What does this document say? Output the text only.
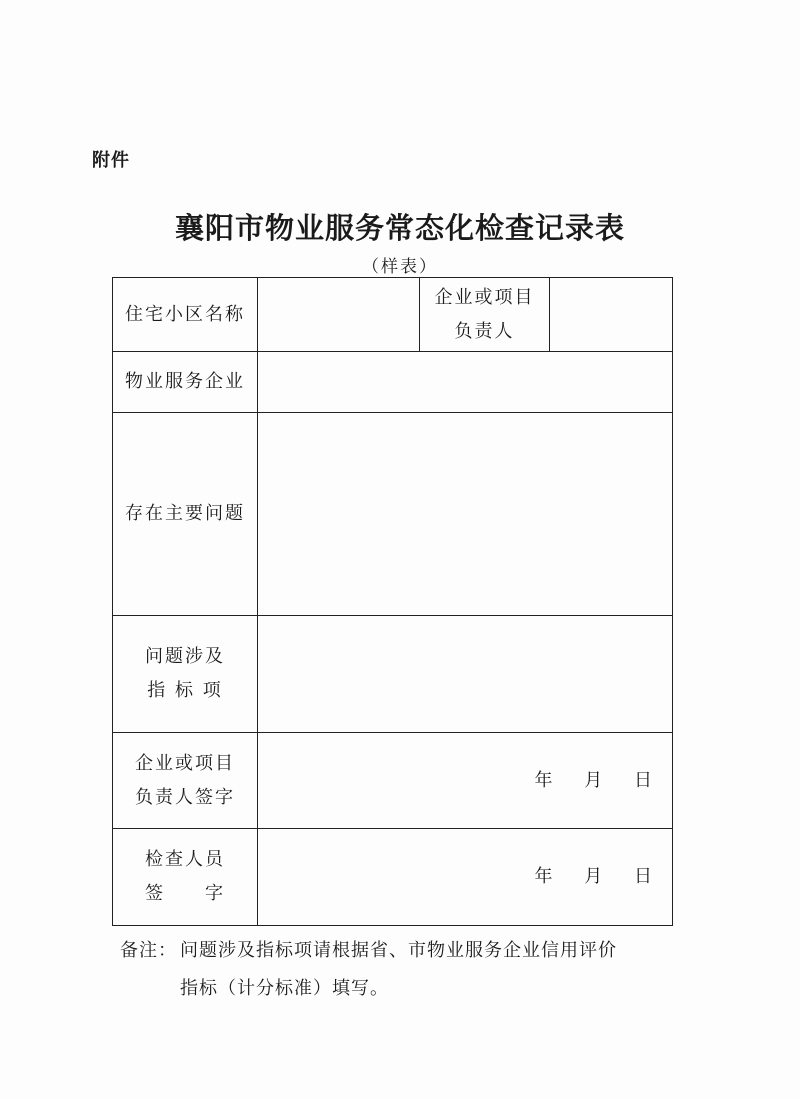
附件
襄阳市物业服务常态化检查记录表
（样表）
住宅小区名称		企业或项目
负责人	

物业服务企业			
存在主要问题			

问题涉及
指 标 项			

企业或项目
负责人签字	年 月 日		

检查人员
签　　字	年 月 日		
备注： 问题涉及指标项请根据省、市物业服务企业信用评价
指标（计分标准）填写。
